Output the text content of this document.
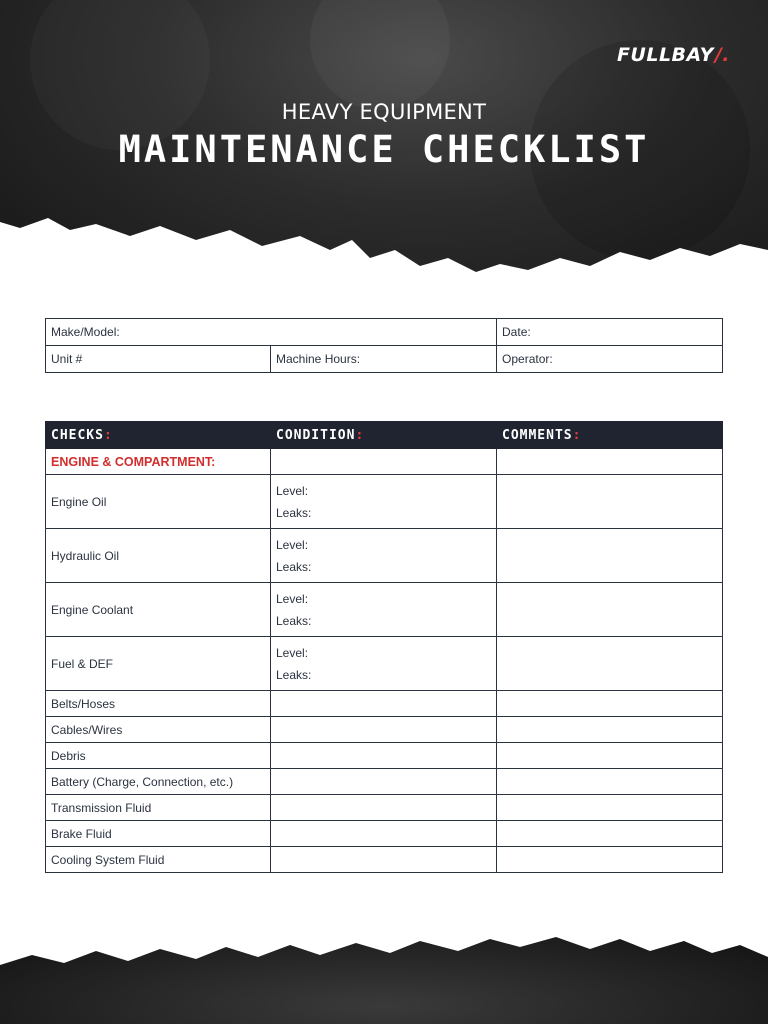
FULLBAY/.
HEAVY EQUIPMENT
MAINTENANCE CHECKLIST
Make/Model:		Date:
Unit #	Machine Hours:	Operator:
CHECKS:	CONDITION:	COMMENTS:
ENGINE & COMPARTMENT:		
Engine Oil	Level:
Leaks:	

Hydraulic Oil	Level:
Leaks:	

Engine Coolant	Level:
Leaks:	

Fuel & DEF	Level:
Leaks:	

Belts/Hoses		
Cables/Wires		
Debris		
Battery (Charge, Connection, etc.)		
Transmission Fluid		
Brake Fluid		
Cooling System Fluid		
